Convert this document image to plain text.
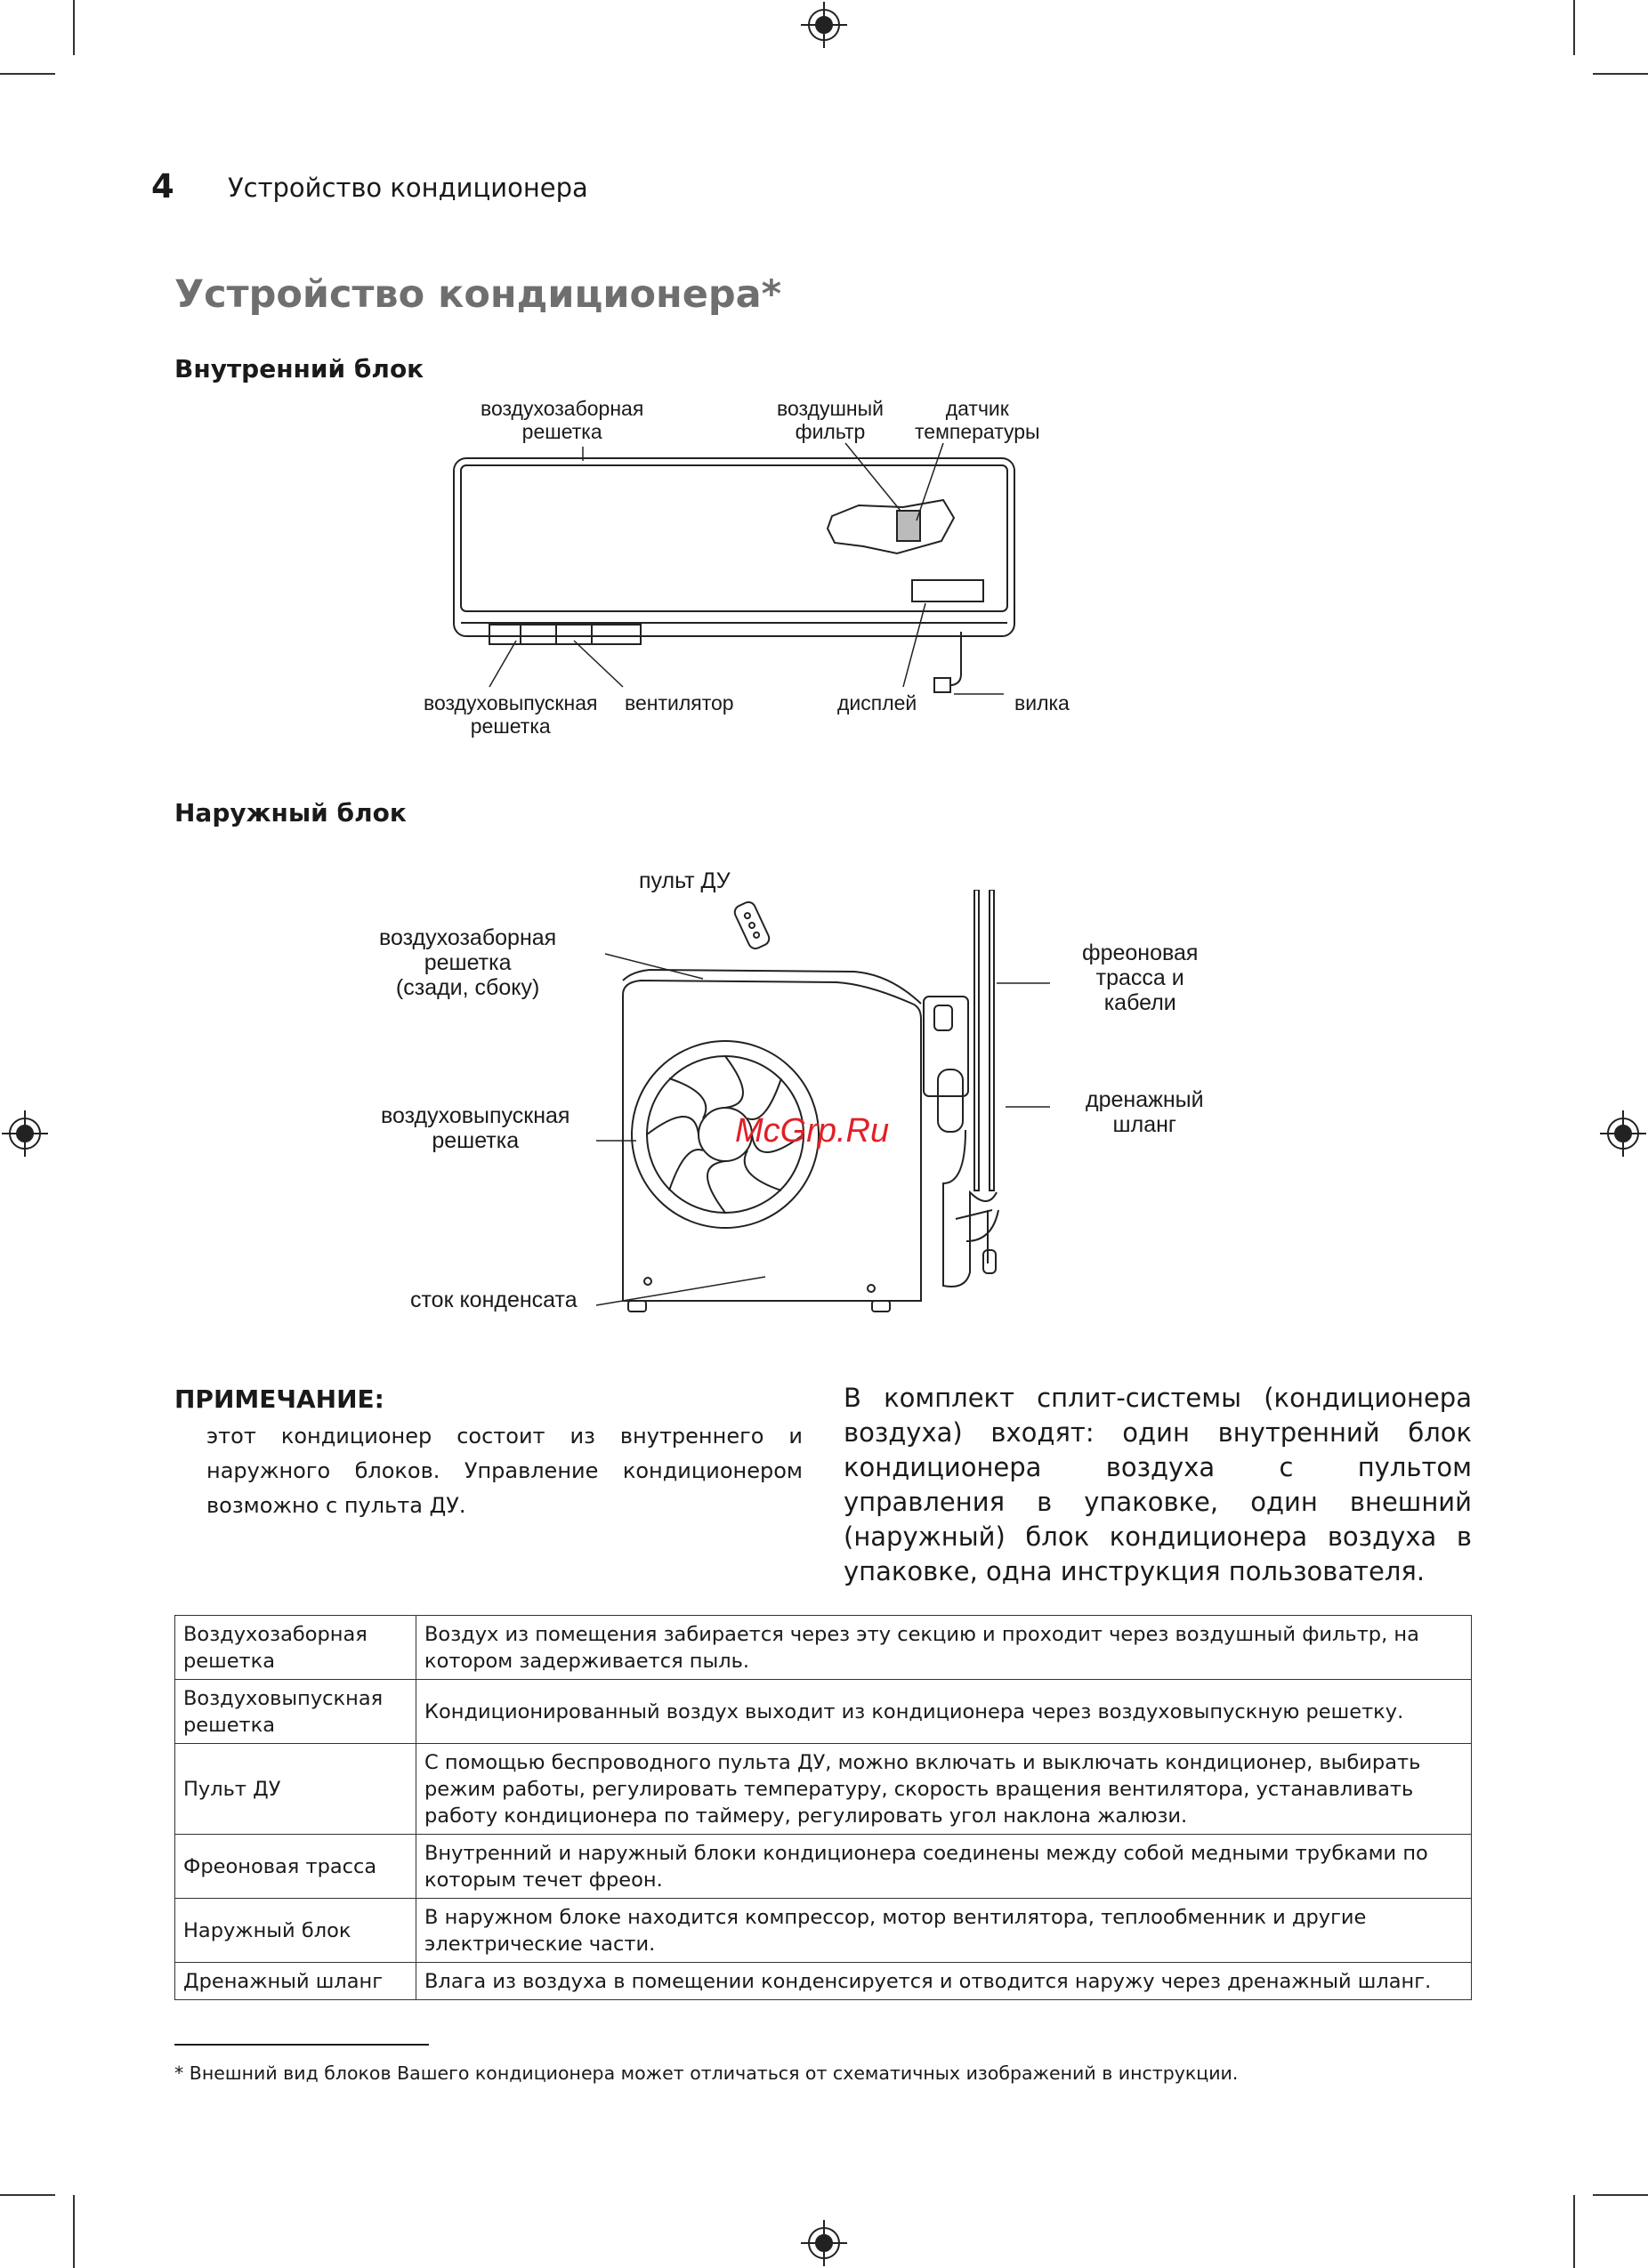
4 Устройство кондиционера
Устройство кондиционера*
Внутренний блок
воздухозаборная
решетка
воздушный
фильтр
датчик
температуры
воздуховыпускная
решетка
вентилятор	дисплей	вилка
Наружный блок
пульт ДУ
воздухозаборная
решетка
(сзади, сбоку)
воздуховыпускная
решетка
сток конденсата
фреоновая
трасса и
кабели
дренажный
шланг
McGrp.Ru
ПРИМЕЧАНИЕ:
этот кондиционер состоит из внутреннего и наружного блоков. Управление кондиционером возможно с пульта ДУ.
В комплект сплит-системы (кондиционера воздуха) входят: один внутренний блок кондиционера воздуха с пультом управления в упаковке, один внешний (наружный) блок кондиционера воздуха в упаковке, одна инструкция пользователя.
Воздухозаборная решетка	Воздух из помещения забирается через эту секцию и проходит через воздушный фильтр, на котором задерживается пыль.
Воздуховыпускная решетка	Кондиционированный воздух выходит из кондиционера через воздуховыпускную решетку.
Пульт ДУ	С помощью беспроводного пульта ДУ, можно включать и выключать кондиционер, выбирать режим работы, регулировать температуру, скорость вращения вентилятора, устанавливать работу кондиционера по таймеру, регулировать угол наклона жалюзи.
Фреоновая трасса	Внутренний и наружный блоки кондиционера соединены между собой медными трубками по которым течет фреон.
Наружный блок	В наружном блоке находится компрессор, мотор вентилятора, теплообменник и другие электрические части.
Дренажный шланг	Влага из воздуха в помещении конденсируется и отводится наружу через дренажный шланг.
* Внешний вид блоков Вашего кондиционера может отличаться от схематичных изображений в инструкции.
